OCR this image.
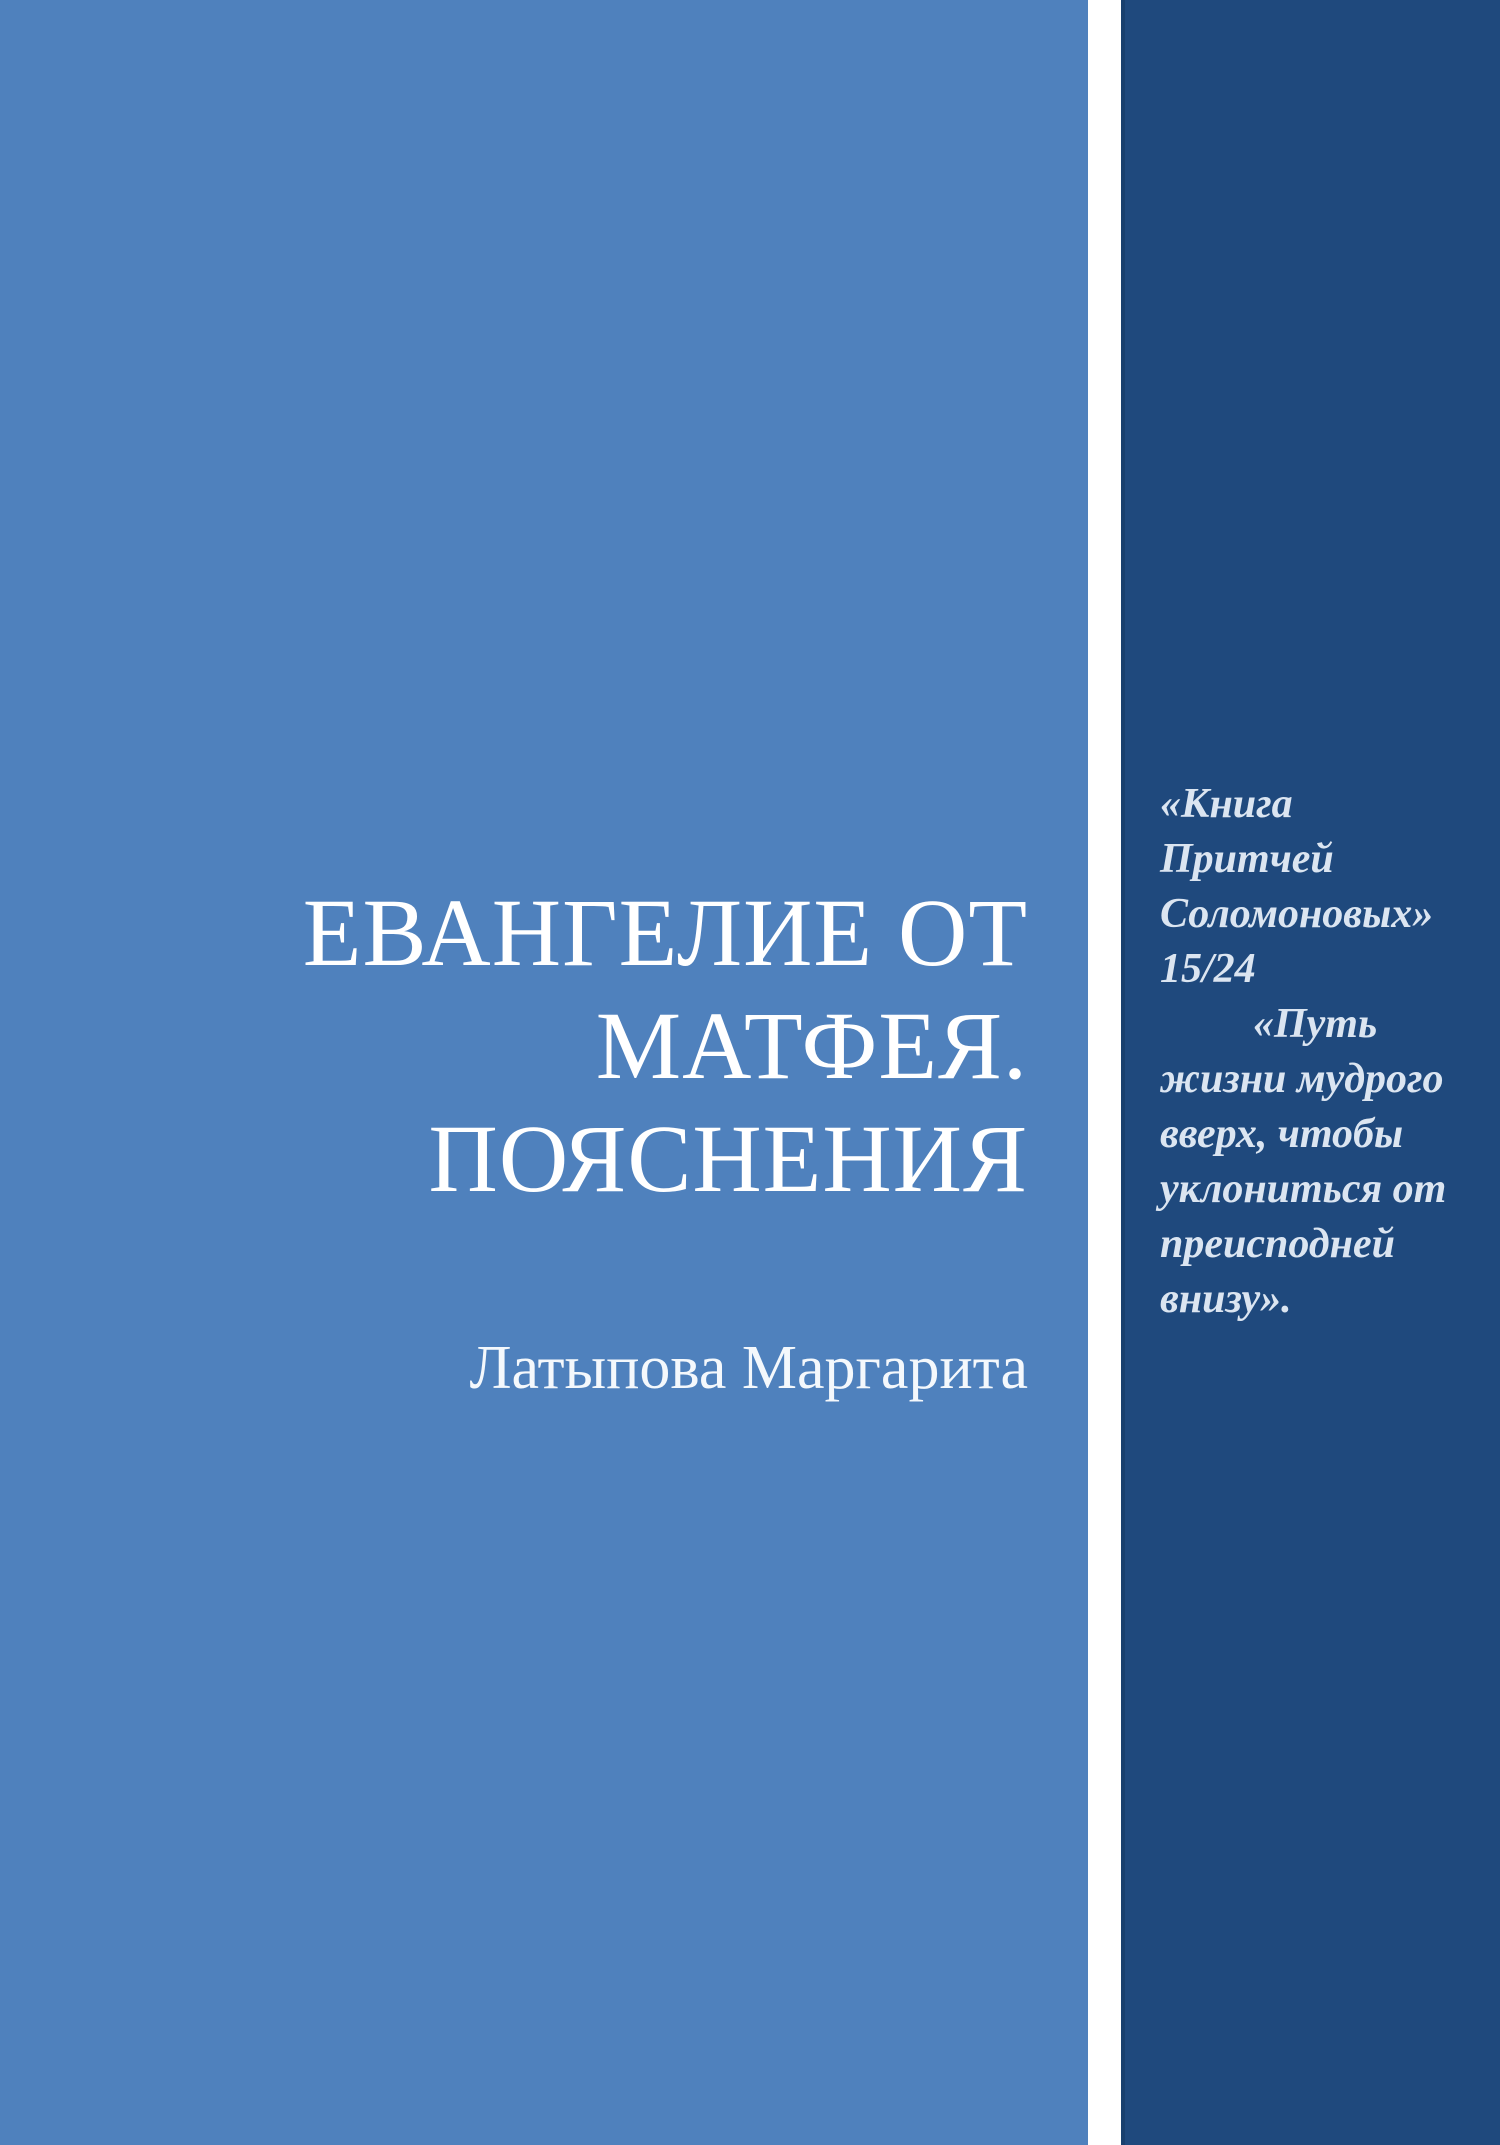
ЕВАНГЕЛИЕ ОТ
МАТФЕЯ.
ПОЯСНЕНИЯ
Латыпова Маргарита
«Книга
Притчей
Соломоновых»
15/24
«Путь
жизни мудрого
вверх, чтобы
уклониться от
преисподней
внизу».
